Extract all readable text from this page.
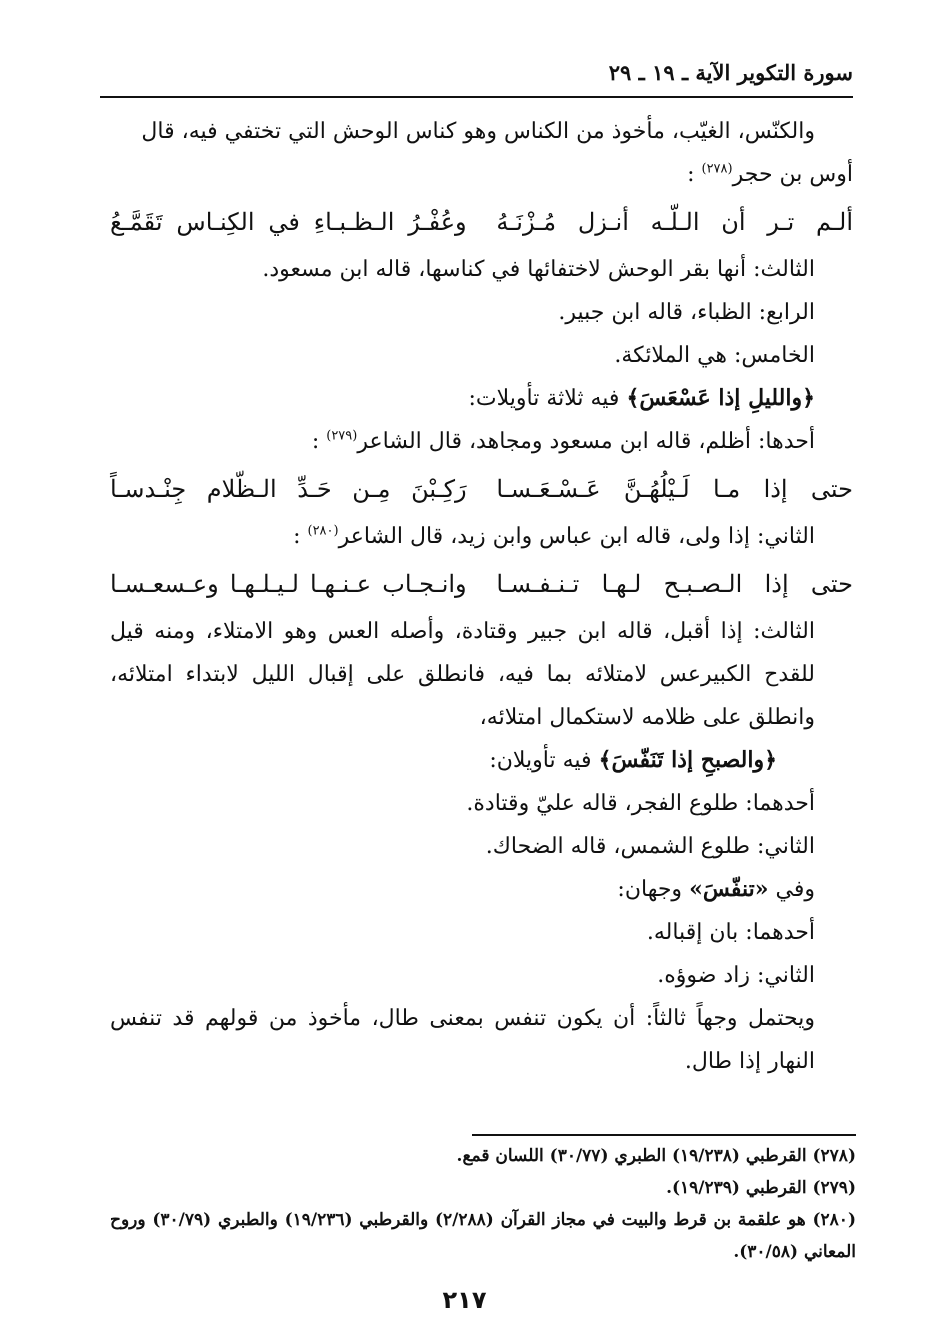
سورة التكوير الآية ـ ١٩ ـ ٢٩

والكنّس، الغيّب، مأخوذ من الكناس وهو كناس الوحش التي تختفي فيه، قال

أوس بن حجر$^{(٢٧٨)}$ :

ألـم تـر أن الـلّـه أنـزل مُـزْنَـهُ
وعُفْـرُ الـظـبـاءِ في الكِنـاس تَقَمَّـعُ

الثالث: أنها بقر الوحش لاختفائها في كناسها، قاله ابن مسعود.

الرابع: الظباء، قاله ابن جبير.

الخامس: هي الملائكة.

﴿والليلِ إذا عَسْعَسَ﴾ فيه ثلاثة تأويلات:

أحدها: أظلم، قاله ابن مسعود ومجاهد، قال الشاعر$^{(٢٧٩)}$ :

حتى إذا مـا لَـيْلُهُـنَّ عَـسْـعَـسـا
رَكِـبْنَ مِـن حَـدِّ الـظّلام جِنْـدسـاً

الثاني: إذا ولى، قاله ابن عباس وابن زيد، قال الشاعر$^{(٢٨٠)}$ :

حتى إذا الـصـبـح لـهـا تـنـفـسـا
وانـجـاب عـنـهـا لـيـلـهـا وعـسعـسـا

الثالث: إذا أقبل، قاله ابن جبير وقتادة، وأصله العس وهو الامتلاء، ومنه قيل للقدح الكبيرعس لامتلائه بما فيه، فانطلق على إقبال الليل لابتداء امتلائه، وانطلق على ظلامه لاستكمال امتلائه،

﴿والصبحِ إذا تَنَفّسَ﴾ فيه تأويلان:

أحدهما: طلوع الفجر، قاله عليّ وقتادة.

الثاني: طلوع الشمس، قاله الضحاك.

وفي «تنفّسَ» وجهان:

أحدهما: بان إقباله.

الثاني: زاد ضوؤه.

ويحتمل وجهاً ثالثاً: أن يكون تنفس بمعنى طال، مأخوذ من قولهم قد تنفس النهار إذا طال.

(٢٧٨) القرطبي (١٩/٢٣٨) الطبري (٣٠/٧٧) اللسان قمع.

(٢٧٩) القرطبي (١٩/٢٣٩).

(٢٨٠) هو علقمة بن قرط والبيت في مجاز القرآن (٢/٢٨٨) والقرطبي (١٩/٢٣٦) والطبري (٣٠/٧٩) وروح المعاني (٣٠/٥٨).

٢١٧
